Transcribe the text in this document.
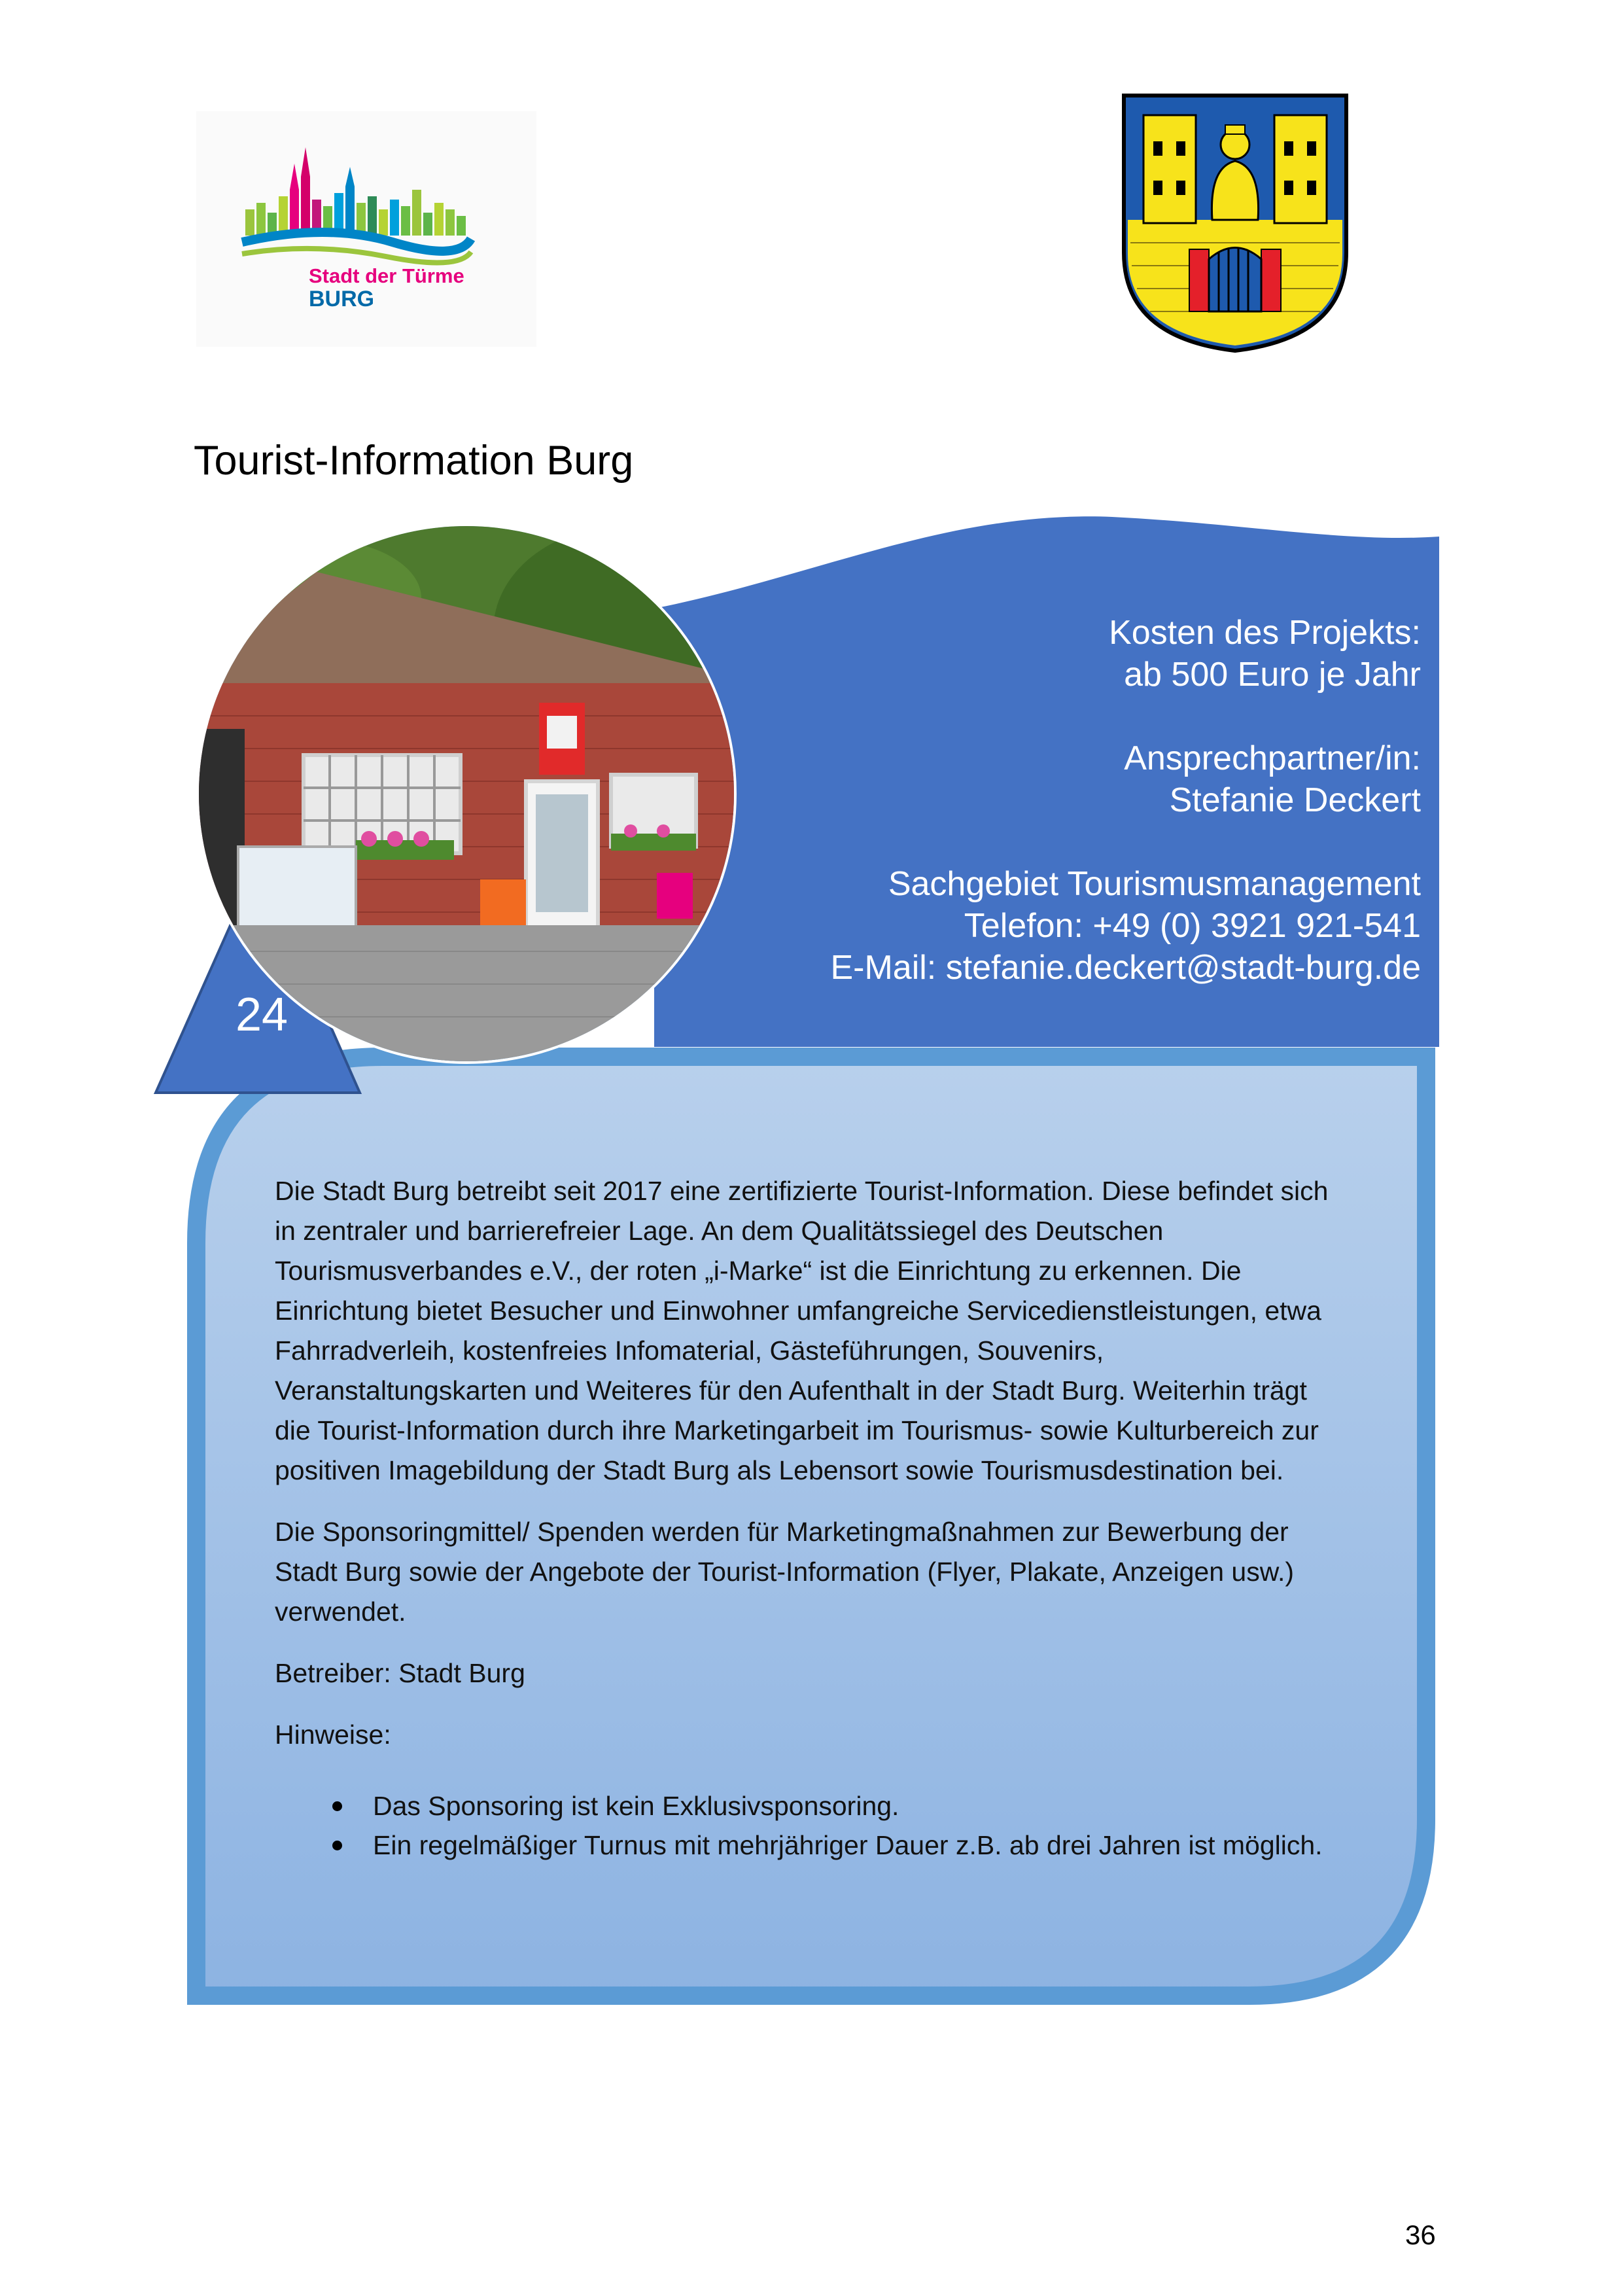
Stadt der Türme
BURG
Tourist-Information Burg
24
Kosten des Projekts:
ab 500 Euro je Jahr
Ansprechpartner/in:
Stefanie Deckert
Sachgebiet Tourismusmanagement
Telefon: +49 (0) 3921 921-541
E-Mail: stefanie.deckert@stadt-burg.de

Die Stadt Burg betreibt seit 2017 eine zertifizierte Tourist-Information. Diese befindet sich in zentraler und barrierefreier Lage. An dem Qualitätssiegel des Deutschen Tourismusverbandes e.V., der roten „i-Marke“ ist die Einrichtung zu erkennen. Die Einrichtung bietet Besucher und Einwohner umfangreiche Servicedienstleistungen, etwa Fahrradverleih, kostenfreies Infomaterial, Gästeführungen, Souvenirs, Veranstaltungskarten und Weiteres für den Aufenthalt in der Stadt Burg. Weiterhin trägt die Tourist-Information durch ihre Marketingarbeit im Tourismus- sowie Kulturbereich zur positiven Imagebildung der Stadt Burg als Lebensort sowie Tourismusdestination bei.

Die Sponsoringmittel/ Spenden werden für Marketingmaßnahmen zur Bewerbung der Stadt Burg sowie der Angebote der Tourist-Information (Flyer, Plakate, Anzeigen usw.) verwendet.

Betreiber: Stadt Burg

Hinweise:

Das Sponsoring ist kein Exklusivsponsoring.
Ein regelmäßiger Turnus mit mehrjähriger Dauer z.B. ab drei Jahren ist möglich.
36
